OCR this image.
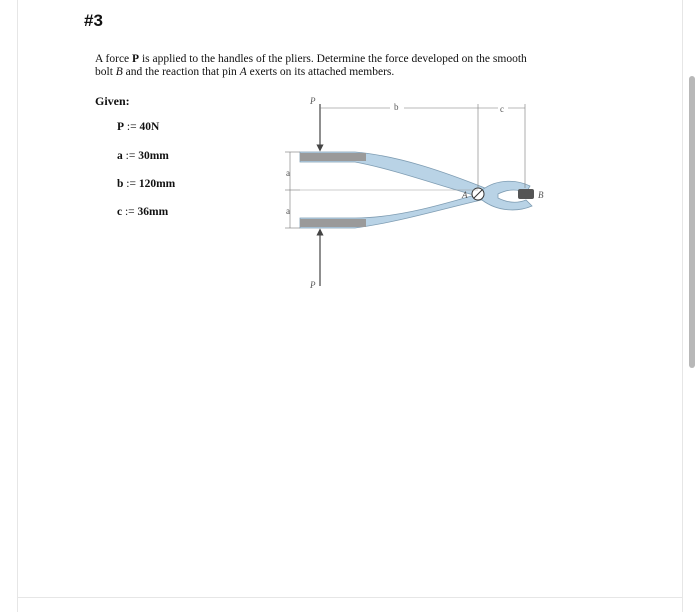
#3
A force P is applied to the handles of the pliers. Determine the force developed on the smooth bolt B and the reaction that pin A exerts on its attached members.
Given:
P := 40N
a := 30mm
b := 120mm
c := 36mm
P
P
b	c
a
a
A	B
